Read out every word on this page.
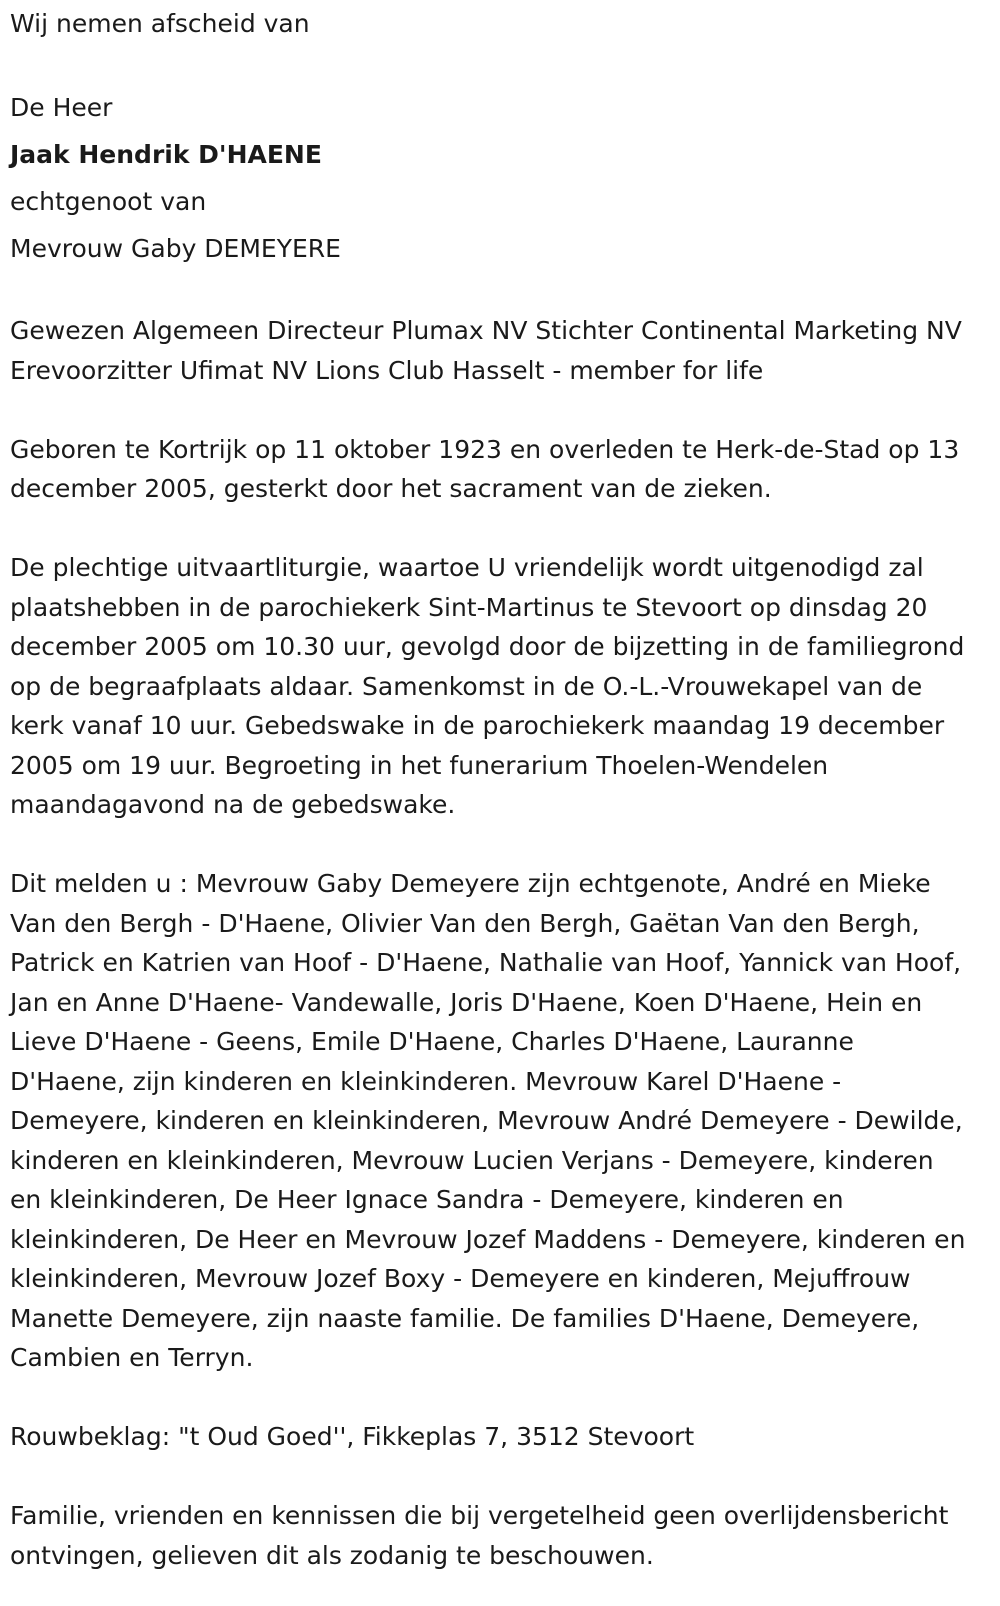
Wij nemen afscheid van

De Heer

Jaak Hendrik D'HAENE

echtgenoot van

Mevrouw Gaby DEMEYERE

Gewezen Algemeen Directeur Plumax NV Stichter Continental Marketing NV Erevoorzitter Ufimat NV Lions Club Hasselt - member for life

Geboren te Kortrijk op 11 oktober 1923 en overleden te Herk-de-Stad op 13 december 2005, gesterkt door het sacrament van de zieken.

De plechtige uitvaartliturgie, waartoe U vriendelijk wordt uitgenodigd zal plaatshebben in de parochiekerk Sint-Martinus te Stevoort op dinsdag 20 december 2005 om 10.30 uur, gevolgd door de bijzetting in de familiegrond op de begraafplaats aldaar. Samenkomst in de O.-L.-Vrouwekapel van de kerk vanaf 10 uur. Gebedswake in de parochiekerk maandag 19 december 2005 om 19 uur. Begroeting in het funerarium Thoelen-Wendelen maandagavond na de gebedswake.

Dit melden u : Mevrouw Gaby Demeyere zijn echtgenote, André en Mieke Van den Bergh - D'Haene, Olivier Van den Bergh, Gaëtan Van den Bergh, Patrick en Katrien van Hoof - D'Haene, Nathalie van Hoof, Yannick van Hoof, Jan en Anne D'Haene- Vandewalle, Joris D'Haene, Koen D'Haene, Hein en Lieve D'Haene - Geens, Emile D'Haene, Charles D'Haene, Lauranne D'Haene, zijn kinderen en kleinkinderen. Mevrouw Karel D'Haene - Demeyere, kinderen en kleinkinderen, Mevrouw André Demeyere - Dewilde, kinderen en kleinkinderen, Mevrouw Lucien Verjans - Demeyere, kinderen en kleinkinderen, De Heer Ignace Sandra - Demeyere, kinderen en kleinkinderen, De Heer en Mevrouw Jozef Maddens - Demeyere, kinderen en kleinkinderen, Mevrouw Jozef Boxy - Demeyere en kinderen, Mejuffrouw Manette Demeyere, zijn naaste familie. De families D'Haene, Demeyere, Cambien en Terryn.

Rouwbeklag: "t Oud Goed'', Fikkeplas 7, 3512 Stevoort

Familie, vrienden en kennissen die bij vergetelheid geen overlijdensbericht ontvingen, gelieven dit als zodanig te beschouwen.
